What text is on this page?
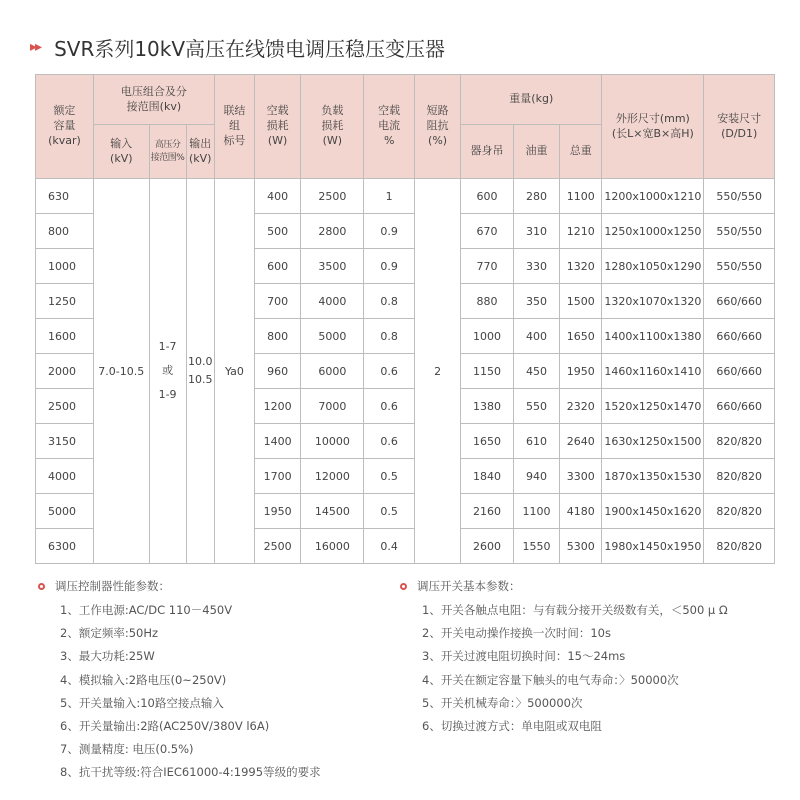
▸▸ SVR系列10kV高压在线馈电调压稳压变压器
额定
容量
(kvar)	电压组合及分
接范围(kv)			联结
组
标号	空载
损耗
(W)	负载
损耗
(W)	空载
电流
%	短路
阻抗
(%)	重量(kg)			外形尺寸(mm)
(长L×宽B×高H)	安装尺寸
(D/D1)
	输入
(kV)	高压分
接范围%	输出
(kV)						器身吊	油重	总重		
630	7.0-10.5	1-7
或
1-9	10.0
10.5	Ya0	400	2500	1	2	600	280	1100	1200x1000x1210	550/550
800					500	2800	0.9		670	310	1210	1250x1000x1250	550/550
1000					600	3500	0.9		770	330	1320	1280x1050x1290	550/550
1250					700	4000	0.8		880	350	1500	1320x1070x1320	660/660
1600					800	5000	0.8		1000	400	1650	1400x1100x1380	660/660
2000					960	6000	0.6		1150	450	1950	1460x1160x1410	660/660
2500					1200	7000	0.6		1380	550	2320	1520x1250x1470	660/660
3150					1400	10000	0.6		1650	610	2640	1630x1250x1500	820/820
4000					1700	12000	0.5		1840	940	3300	1870x1350x1530	820/820
5000					1950	14500	0.5		2160	1100	4180	1900x1450x1620	820/820
6300					2500	16000	0.4		2600	1550	5300	1980x1450x1950	820/820
调压控制器性能参数：
1、工作电源:AC/DC 110－450V
2、额定频率:50Hz
3、最大功耗:25W
4、模拟输入:2路电压(0~250V)
5、开关量输入:10路空接点输入
6、开关量输出:2路(AC250V/380V l6A)
7、测量精度: 电压(0.5%)
8、抗干扰等级:符合IEC61000-4:1995等级的要求
调压开关基本参数：
1、开关各触点电阻：与有载分接开关级数有关，＜500 μ Ω
2、开关电动操作接换一次时间：10s
3、开关过渡电阻切换时间：15～24ms
4、开关在额定容量下触头的电气寿命：〉50000次
5、开关机械寿命：〉500000次
6、切换过渡方式：单电阻或双电阻
